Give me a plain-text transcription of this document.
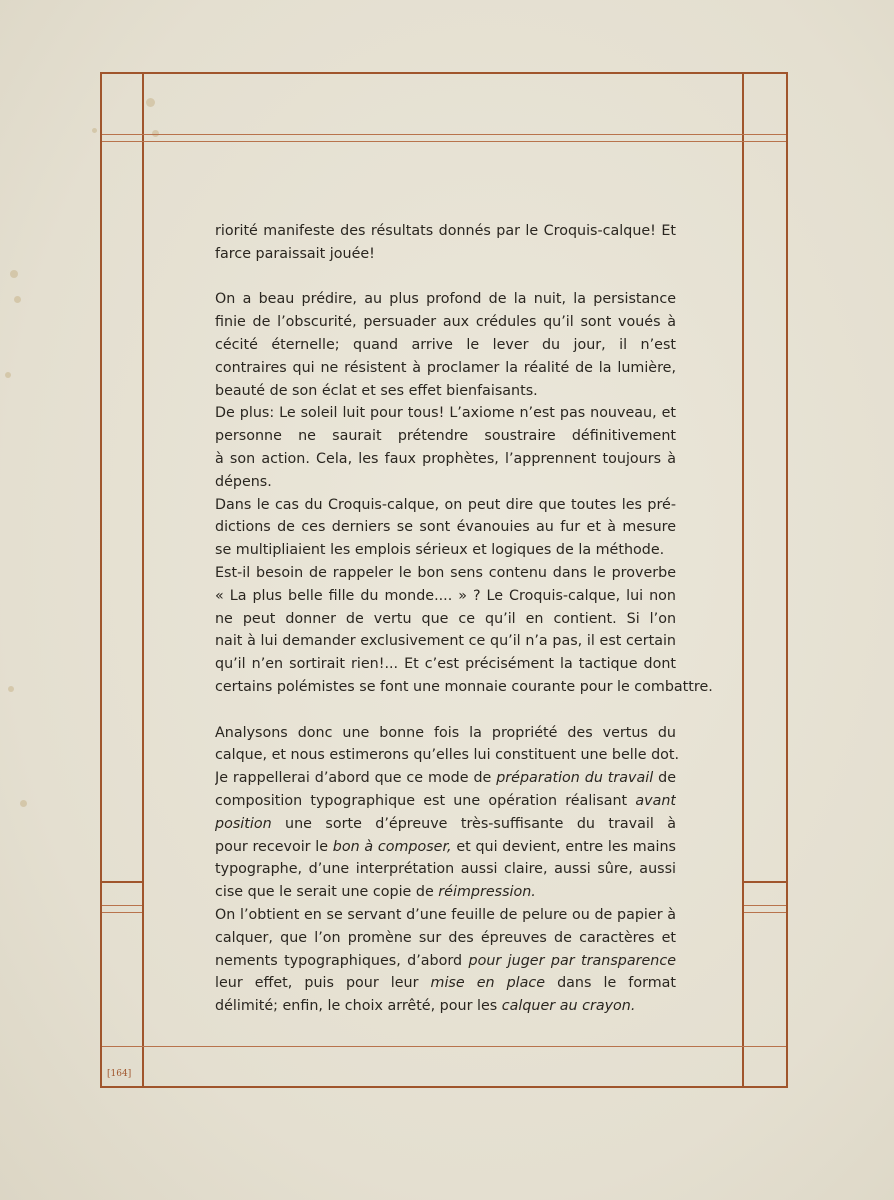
[164]
riorité manifeste des résultats donnés par le Croquis-calque! Et
farce paraissait jouée!
On a beau prédire, au plus profond de la nuit, la persistance
finie de l’obscurité, persuader aux crédules qu’il sont voués à
cécité éternelle; quand arrive le lever du jour, il n’est
contraires qui ne résistent à proclamer la réalité de la lumière,
beauté de son éclat et ses effet bienfaisants.
De plus: Le soleil luit pour tous! L’axiome n’est pas nouveau, et
personne ne saurait prétendre soustraire définitivement
à son action. Cela, les faux prophètes, l’apprennent toujours à
dépens.
Dans le cas du Croquis-calque, on peut dire que toutes les pré-
dictions de ces derniers se sont évanouies au fur et à mesure
se multipliaient les emplois sérieux et logiques de la méthode.
Est-il besoin de rappeler le bon sens contenu dans le proverbe
« La plus belle fille du monde.... » ? Le Croquis-calque, lui non
ne peut donner de vertu que ce qu’il en contient. Si l’on
nait à lui demander exclusivement ce qu’il n’a pas, il est certain
qu’il n’en sortirait rien!... Et c’est précisément la tactique dont
certains polémistes se font une monnaie courante pour le combattre.
Analysons donc une bonne fois la propriété des vertus du
calque, et nous estimerons qu’elles lui constituent une belle dot.
Je rappellerai d’abord que ce mode de préparation du travail de
composition typographique est une opération réalisant avant
position une sorte d’épreuve très-suffisante du travail à
pour recevoir le bon à composer, et qui devient, entre les mains
typographe, d’une interprétation aussi claire, aussi sûre, aussi
cise que le serait une copie de réimpression.
On l’obtient en se servant d’une feuille de pelure ou de papier à
calquer, que l’on promène sur des épreuves de caractères et
nements typographiques, d’abord pour juger par transparence
leur effet, puis pour leur mise en place dans le format
délimité; enfin, le choix arrêté, pour les calquer au crayon.
